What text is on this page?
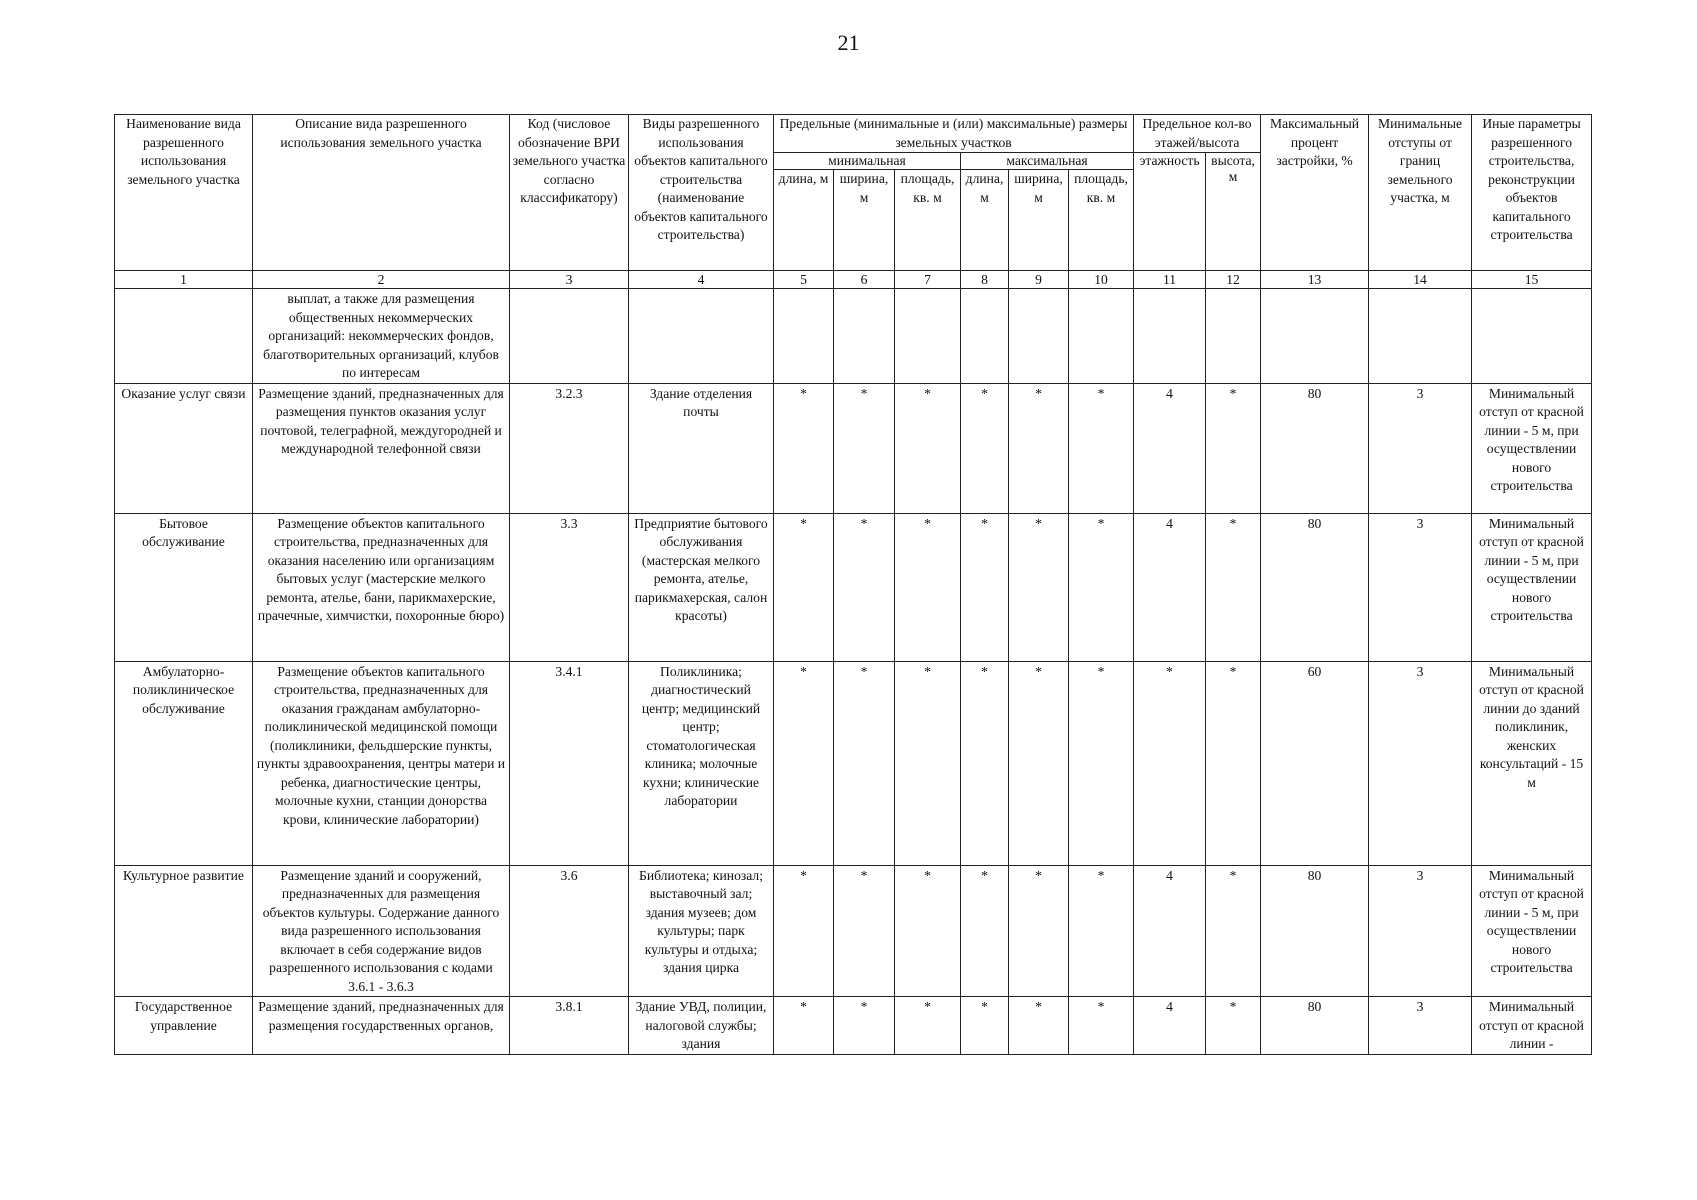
21
Наименование вида разрешенного использования земельного участка	Описание вида разрешенного использования земельного участка	Код (числовое обозначение ВРИ земельного участка согласно классификатору)	Виды разрешенного использования объектов капитального строительства (наименование объектов капитального строительства)	Предельные (минимальные и (или) максимальные) размеры земельных участков						Предельное кол-во этажей/высота		Максимальный процент застройки, %	Минимальные отступы от границ земельного участка, м	Иные параметры разрешенного строительства, реконструкции объектов капитального строительства
				минимальная			максимальная			этажность	высота, м			
				длина, м	ширина, м	площадь, кв. м	длина, м	ширина, м	площадь, кв. м					
1	2	3	4	5	6	7	8	9	10	11	12	13	14	15
	выплат, а также для размещения общественных некоммерческих организаций: некоммерческих фондов, благотворительных организаций, клубов по интересам													
Оказание услуг связи	Размещение зданий, предназначенных для размещения пунктов оказания услуг почтовой, телеграфной, междугородней и международной телефонной связи	3.2.3	Здание отделения почты	*	*	*	*	*	*	4	*	80	3	Минимальный отступ от красной линии - 5 м, при осуществлении нового строительства
Бытовое обслуживание	Размещение объектов капитального строительства, предназначенных для оказания населению или организациям бытовых услуг (мастерские мелкого ремонта, ателье, бани, парикмахерские, прачечные, химчистки, похоронные бюро)	3.3	Предприятие бытового обслуживания (мастерская мелкого ремонта, ателье, парикмахерская, салон красоты)	*	*	*	*	*	*	4	*	80	3	Минимальный отступ от красной линии - 5 м, при осуществлении нового строительства
Амбулаторно-поликлиническое обслуживание	Размещение объектов капитального строительства, предназначенных для оказания гражданам амбулаторно-поликлинической медицинской помощи (поликлиники, фельдшерские пункты, пункты здравоохранения, центры матери и ребенка, диагностические центры, молочные кухни, станции донорства крови, клинические лаборатории)	3.4.1	Поликлиника; диагностический центр; медицинский центр; стоматологическая клиника; молочные кухни; клинические лаборатории	*	*	*	*	*	*	*	*	60	3	Минимальный отступ от красной линии до зданий поликлиник, женских консультаций - 15 м
Культурное развитие	Размещение зданий и сооружений, предназначенных для размещения объектов культуры. Содержание данного вида разрешенного использования включает в себя содержание видов разрешенного использования с кодами 3.6.1 - 3.6.3	3.6	Библиотека; кинозал; выставочный зал; здания музеев; дом культуры; парк культуры и отдыха; здания цирка	*	*	*	*	*	*	4	*	80	3	Минимальный отступ от красной линии - 5 м, при осуществлении нового строительства
Государственное управление	Размещение зданий, предназначенных для размещения государственных органов,	3.8.1	Здание УВД, полиции, налоговой службы; здания	*	*	*	*	*	*	4	*	80	3	Минимальный отступ от красной линии -
